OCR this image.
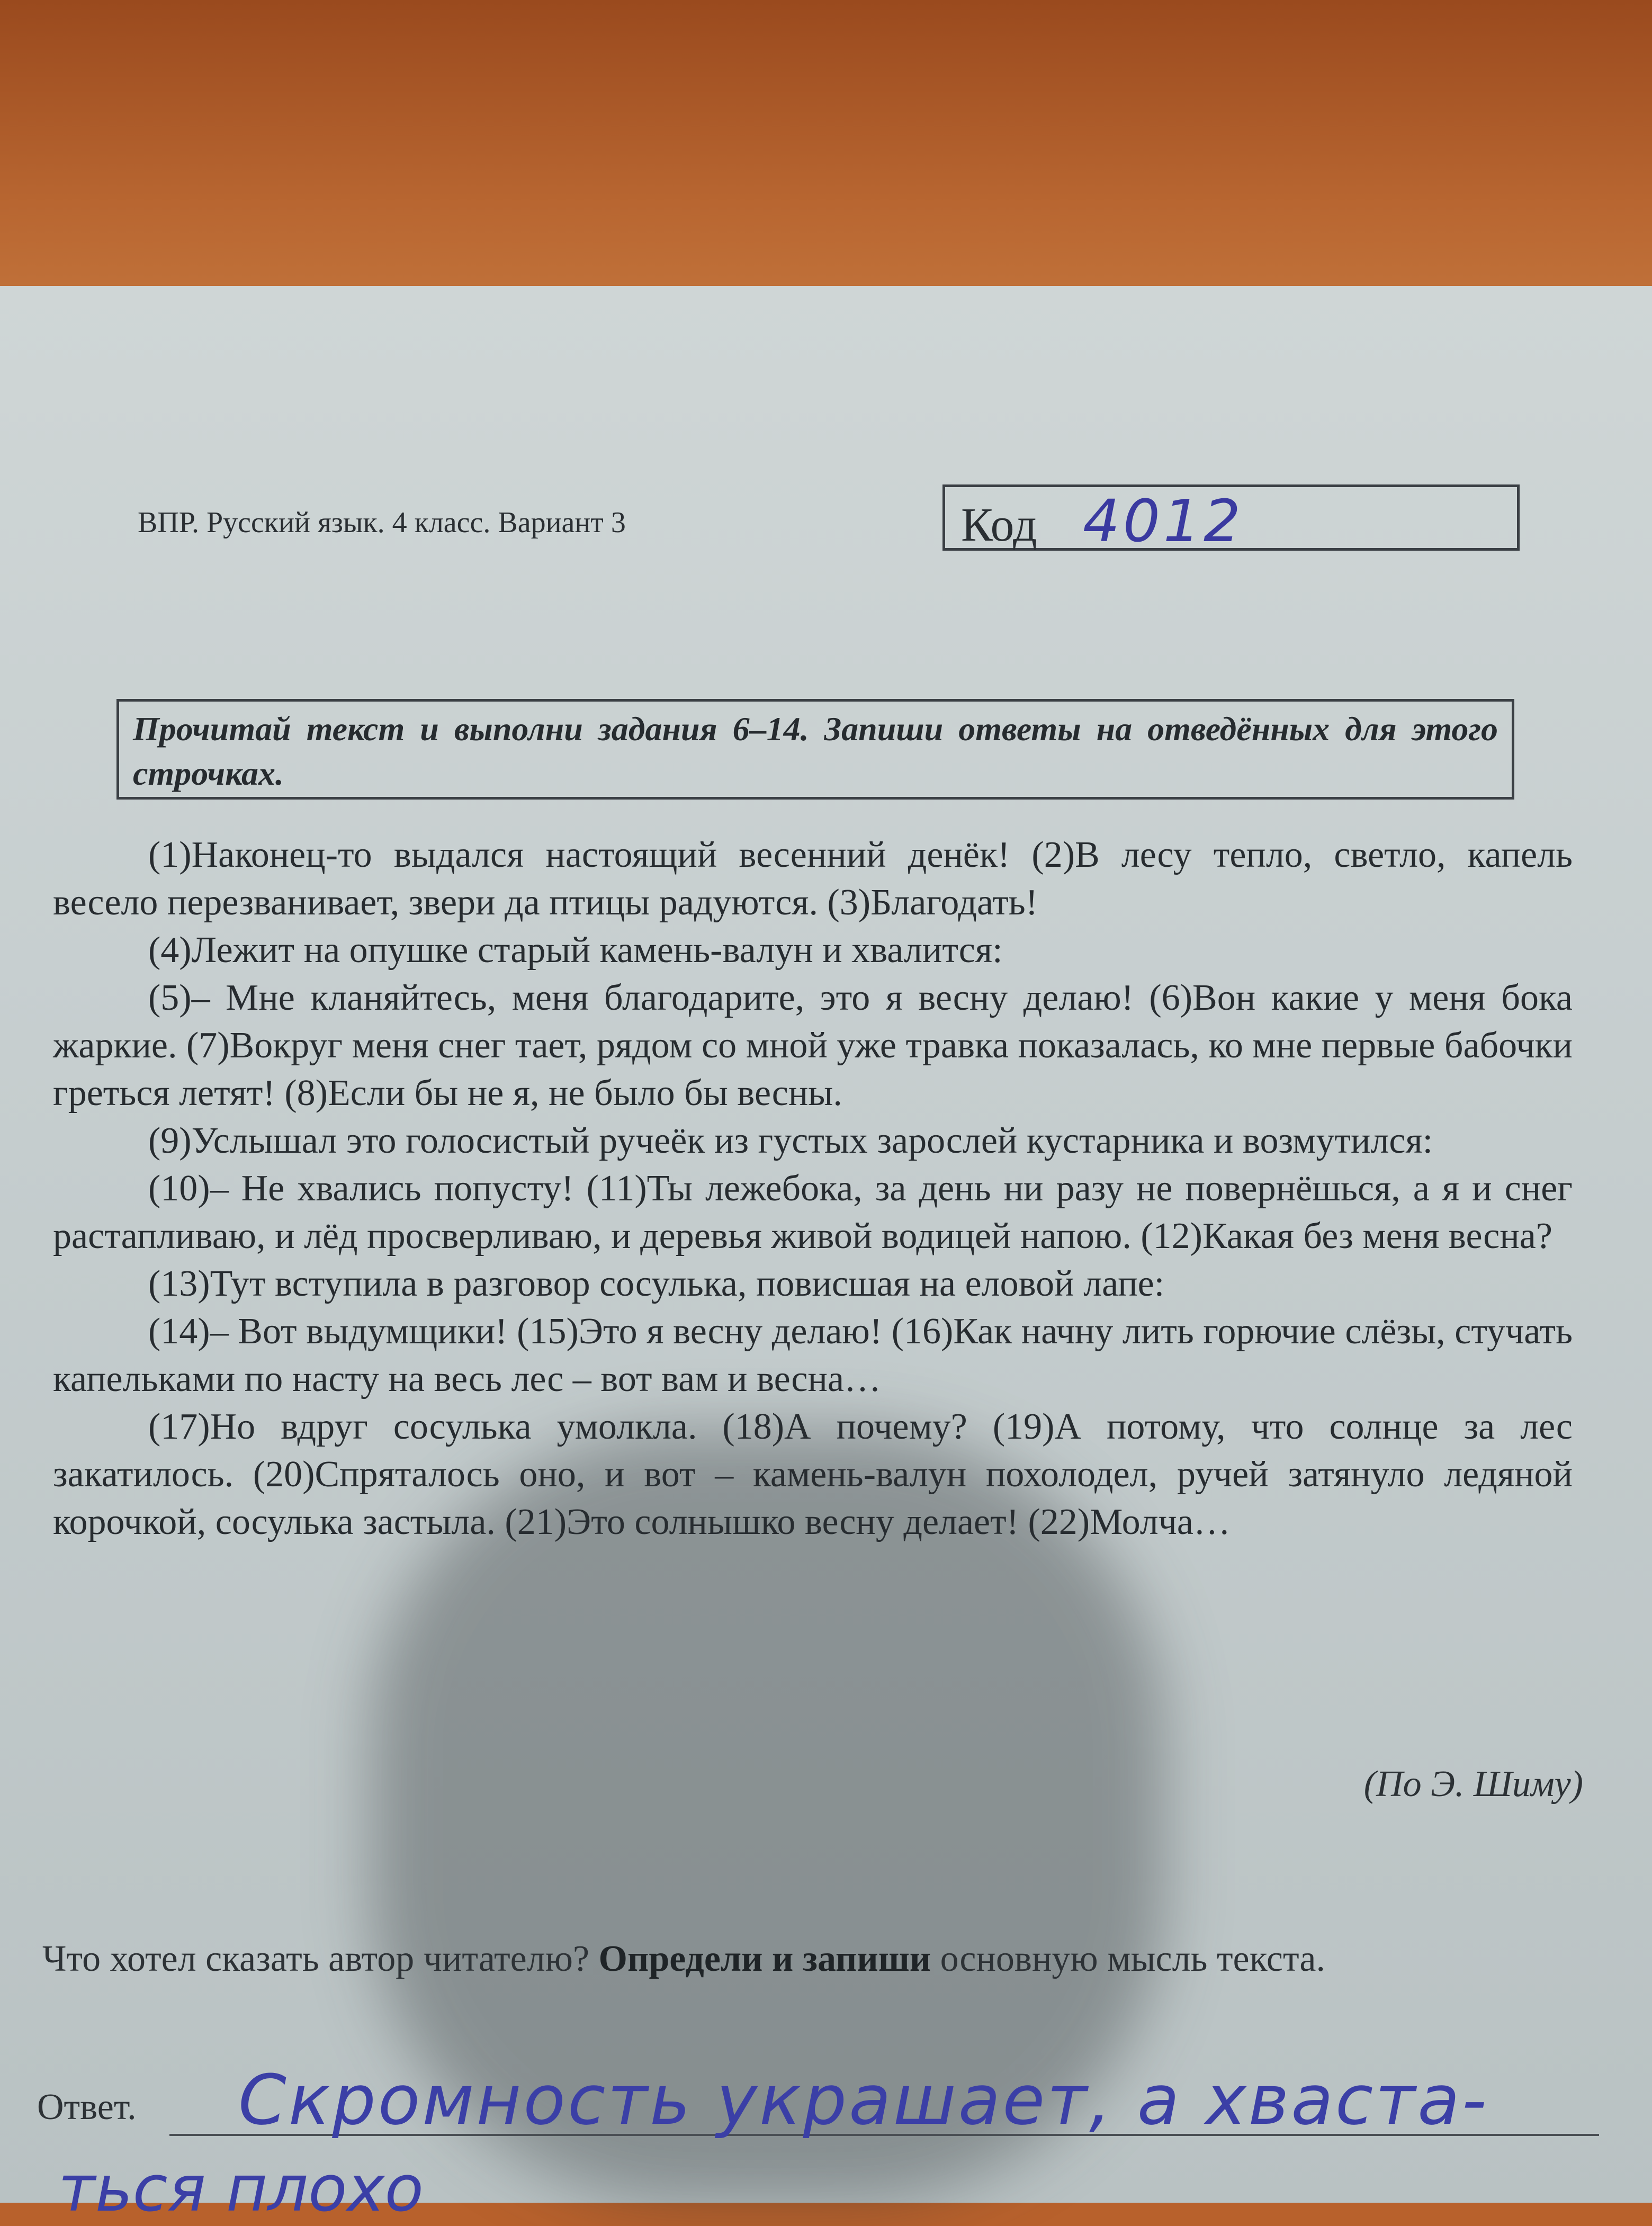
ВПР. Русский язык. 4 класс. Вариант 3	Код 4012
Прочитай текст и выполни задания 6–14. Запиши ответы на отведённых для этого строчках.

(1)Наконец-то выдался настоящий весенний денёк! (2)В лесу тепло, светло, капель весело перезванивает, звери да птицы радуются. (3)Благодать!

(4)Лежит на опушке старый камень-валун и хвалится:

(5)– Мне кланяйтесь, меня благодарите, это я весну делаю! (6)Вон какие у меня бока жаркие. (7)Вокруг меня снег тает, рядом со мной уже травка показалась, ко мне первые бабочки греться летят! (8)Если бы не я, не было бы весны.

(9)Услышал это голосистый ручеёк из густых зарослей кустарника и возмутился:

(10)– Не хвались попусту! (11)Ты лежебока, за день ни разу не повернёшься, а я и снег растапливаю, и лёд просверливаю, и деревья живой водицей напою. (12)Какая без меня весна?

(13)Тут вступила в разговор сосулька, повисшая на еловой лапе:

(14)– Вот выдумщики! (15)Это я весну делаю! (16)Как начну лить горючие слёзы, стучать капельками по насту на весь лес – вот вам и весна…

(17)Но вдруг сосулька умолкла. (18)А почему? (19)А потому, что солнце за лес закатилось. (20)Спряталось оно, и вот – камень-валун похолодел, ручей затянуло ледяной корочкой, сосулька застыла. (21)Это солнышко весну делает! (22)Молча…

(По Э. Шиму)
Что хотел сказать автор читателю? Определи и запиши основную мысль текста.
Ответ. Скромность украшает, а хваста-
ться плохо
